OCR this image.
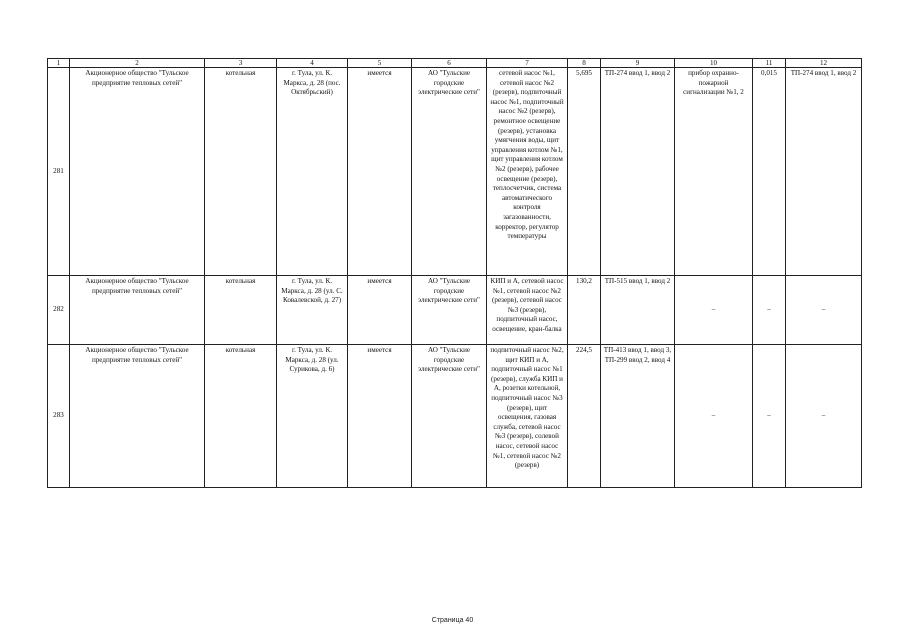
1	2	3	4	5	6	7	8	9	10	11	12
281	Акционерное общество "Тульское предприятие тепловых сетей"	котельная	г. Тула, ул. К. Маркса, д. 28 (пос. Октябрьский)	имеется	АО "Тульские городские электрические сети"	сетевой насос №1, сетевой насос №2 (резерв), подпиточный насос №1, подпиточный насос №2 (резерв), ремонтное освещение (резерв), установка умягчения воды, щит управления котлом №1, щит управления котлом №2 (резерв), рабочее освещение (резерв), теплосчетчик, система автоматического контроля загазованности, корректор, регулятор температуры	5,695	ТП-274 ввод 1, ввод 2	прибор охранно-пожарной сигнализации №1, 2	0,015	ТП-274 ввод 1, ввод 2
282	Акционерное общество "Тульское предприятие тепловых сетей"	котельная	г. Тула, ул. К. Маркса, д. 28 (ул. С. Ковалевской, д. 27)	имеется	АО "Тульские городские электрические сети"	КИП и А, сетевой насос №1, сетевой насос №2 (резерв), сетевой насос №3 (резерв), подпиточный насос, освещение, кран-балка	130,2	ТП-515 ввод 1, ввод 2	–	–	–
283	Акционерное общество "Тульское предприятие тепловых сетей"	котельная	г. Тула, ул. К. Маркса, д. 28 (ул. Сурикова, д. 6)	имеется	АО "Тульские городские электрические сети"	подпиточный насос №2, щит КИП и А, подпиточный насос №1 (резерв), служба КИП и А, розетки котельной, подпиточный насос №3 (резерв), щит освещения, газовая служба, сетевой насос №3 (резерв), солевой насос, сетевой насос №1, сетевой насос №2 (резерв)	224,5	ТП-413 ввод 1, ввод 3, ТП-299 ввод 2, ввод 4	–	–	–
Страница 40
